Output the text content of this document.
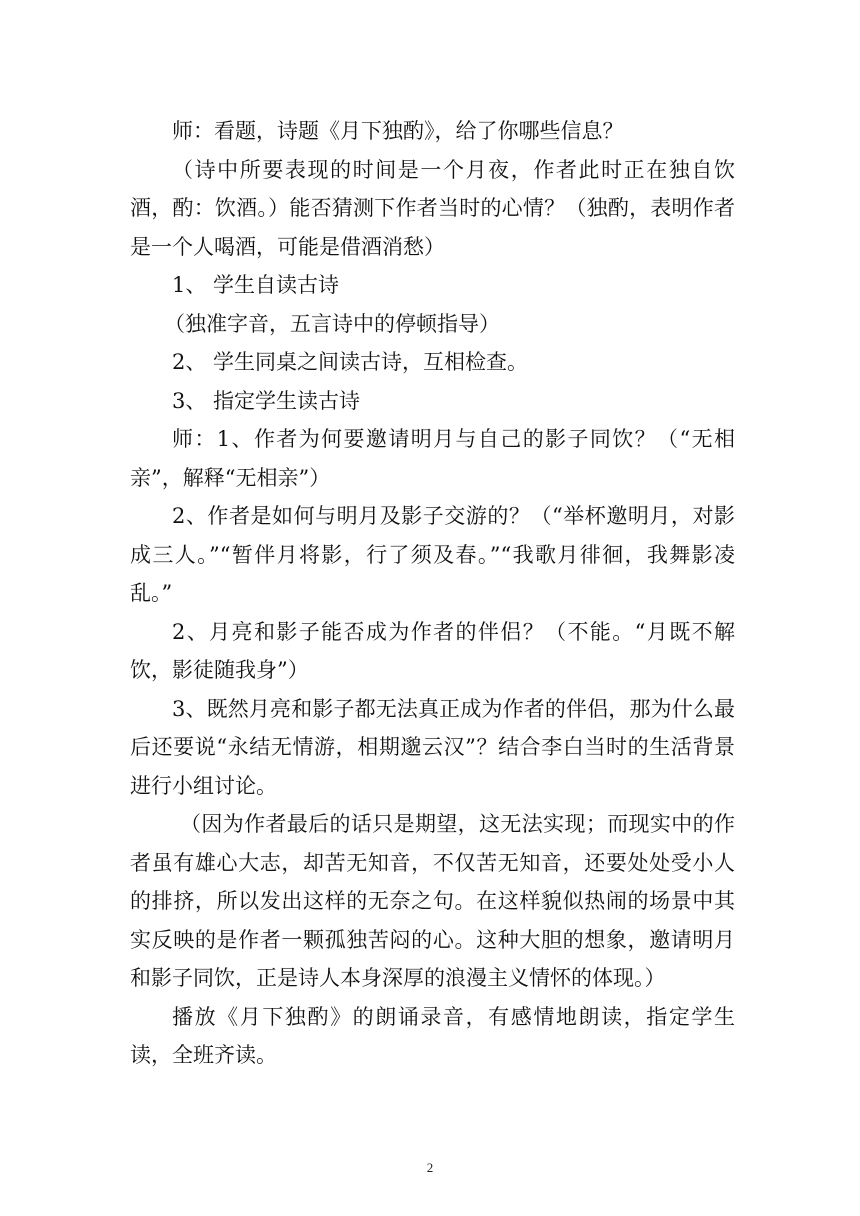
师：看题，诗题《月下独酌》，给了你哪些信息？

（诗中所要表现的时间是一个月夜，作者此时正在独自饮酒，酌：饮酒。）能否猜测下作者当时的心情？（独酌，表明作者是一个人喝酒，可能是借酒消愁）

1、 学生自读古诗

（独准字音，五言诗中的停顿指导）

2、 学生同桌之间读古诗，互相检查。

3、 指定学生读古诗

师：1、作者为何要邀请明月与自己的影子同饮？（“无相亲”，解释“无相亲”）

2、作者是如何与明月及影子交游的？（“举杯邀明月，对影成三人。”“暂伴月将影，行了须及春。”“我歌月徘徊，我舞影凌乱。”

2、月亮和影子能否成为作者的伴侣？（不能。“月既不解饮，影徒随我身”）

3、既然月亮和影子都无法真正成为作者的伴侣，那为什么最后还要说“永结无情游，相期邈云汉”？结合李白当时的生活背景进行小组讨论。

（因为作者最后的话只是期望，这无法实现；而现实中的作者虽有雄心大志，却苦无知音，不仅苦无知音，还要处处受小人的排挤，所以发出这样的无奈之句。在这样貌似热闹的场景中其实反映的是作者一颗孤独苦闷的心。这种大胆的想象，邀请明月和影子同饮，正是诗人本身深厚的浪漫主义情怀的体现。）

播放《月下独酌》的朗诵录音，有感情地朗读，指定学生读，全班齐读。

2
